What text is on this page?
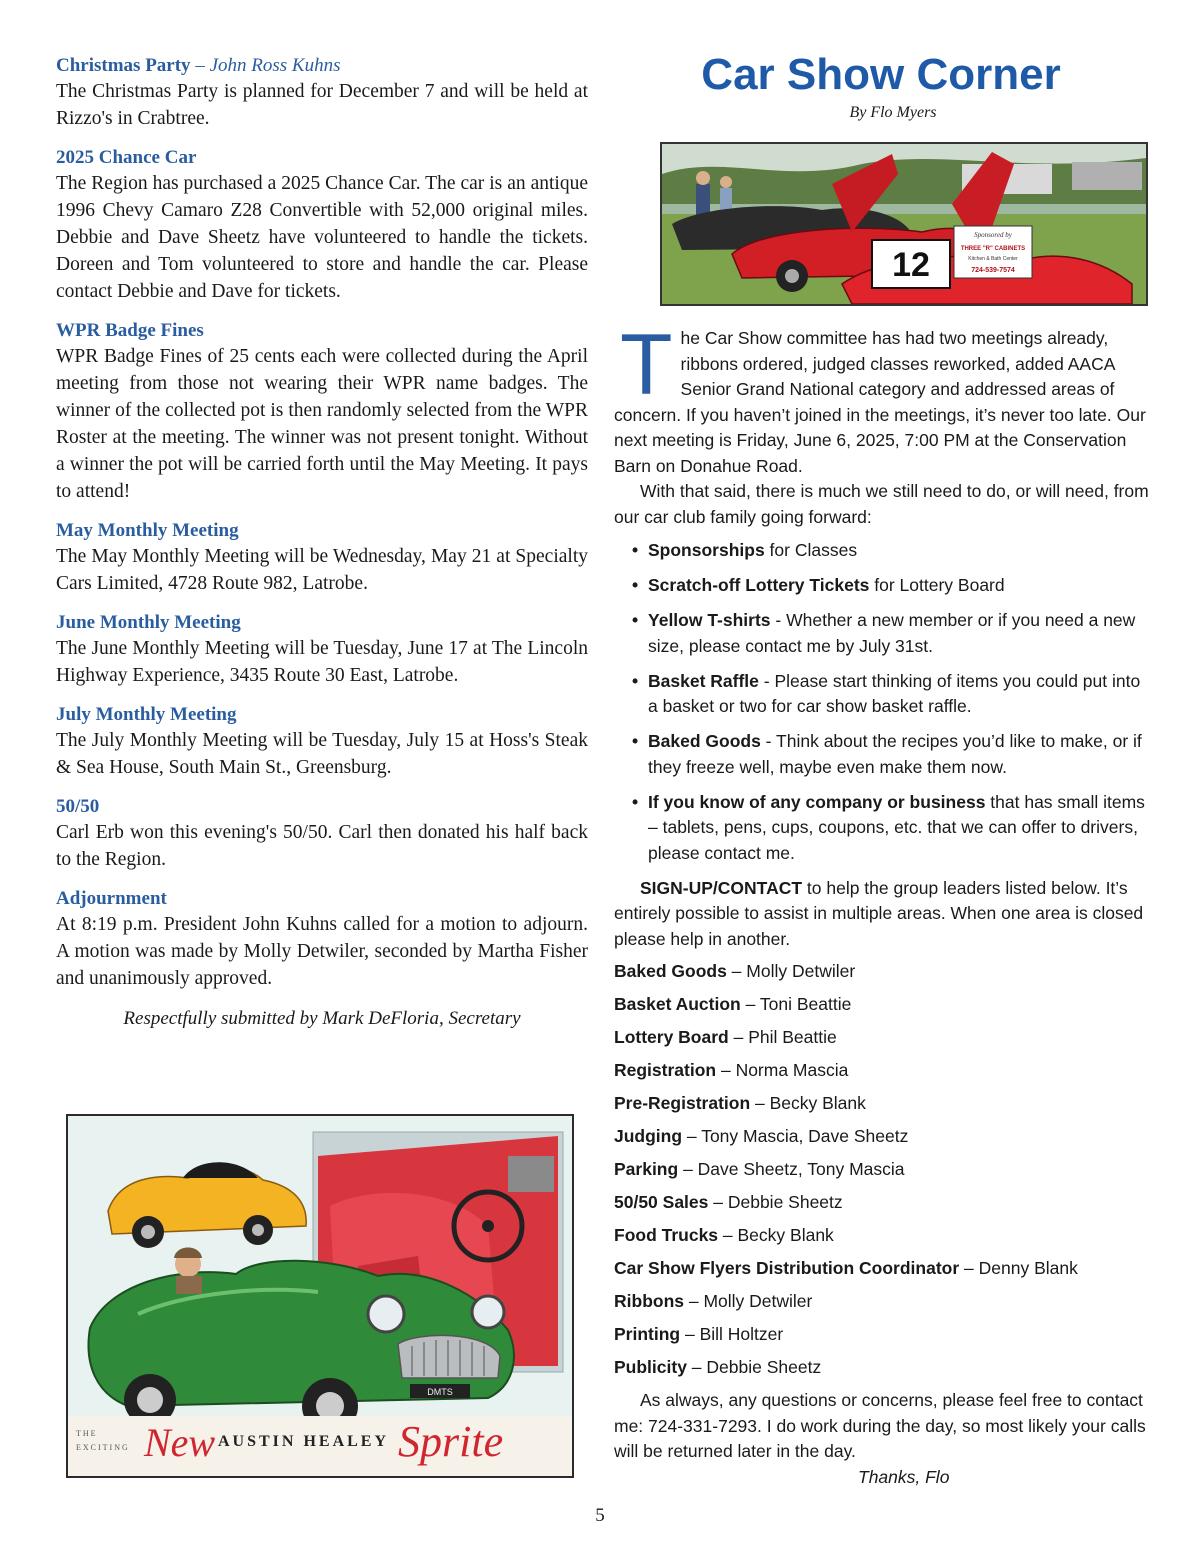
Christmas Party – John Ross Kuhns
The Christmas Party is planned for December 7 and will be held at Rizzo's in Crabtree.
2025 Chance Car
The Region has purchased a 2025 Chance Car. The car is an antique 1996 Chevy Camaro Z28 Convertible with 52,000 original miles. Debbie and Dave Sheetz have volunteered to handle the tickets. Doreen and Tom volunteered to store and handle the car. Please contact Debbie and Dave for tickets.
WPR Badge Fines
WPR Badge Fines of 25 cents each were collected during the April meeting from those not wearing their WPR name badges. The winner of the collected pot is then randomly selected from the WPR Roster at the meeting. The winner was not present tonight. Without a winner the pot will be carried forth until the May Meeting. It pays to attend!
May Monthly Meeting
The May Monthly Meeting will be Wednesday, May 21 at Specialty Cars Limited, 4728 Route 982, Latrobe.
June Monthly Meeting
The June Monthly Meeting will be Tuesday, June 17 at The Lincoln Highway Experience, 3435 Route 30 East, Latrobe.
July Monthly Meeting
The July Monthly Meeting will be Tuesday, July 15 at Hoss's Steak & Sea House, South Main St., Greensburg.
50/50
Carl Erb won this evening's 50/50. Carl then donated his half back to the Region.
Adjournment
At 8:19 p.m. President John Kuhns called for a motion to adjourn. A motion was made by Molly Detwiler, seconded by Martha Fisher and unanimously approved.
Respectfully submitted by Mark DeFloria, Secretary
DMTS
THE
EXCITING New AUSTIN HEALEY Sprite
Car Show Corner
By Flo Myers
12
Sponsored by
THREE "R" CABINETS
Kitchen & Bath Center
724-539-7574

The Car Show committee has had two meetings already, ribbons ordered, judged classes reworked, added AACA Senior Grand National category and addressed areas of concern. If you haven’t joined in the meetings, it’s never too late. Our next meeting is Friday, June 6, 2025, 7:00 PM at the Conservation Barn on Donahue Road.

With that said, there is much we still need to do, or will need, from our car club family going forward:

• Sponsorships for Classes
• Scratch-off Lottery Tickets for Lottery Board
• Yellow T-shirts - Whether a new member or if you need a new size, please contact me by July 31st.
• Basket Raffle - Please start thinking of items you could put into a basket or two for car show basket raffle.
• Baked Goods - Think about the recipes you’d like to make, or if they freeze well, maybe even make them now.
• If you know of any company or business that has small items – tablets, pens, cups, coupons, etc. that we can offer to drivers, please contact me.

SIGN-UP/CONTACT to help the group leaders listed below. It’s entirely possible to assist in multiple areas. When one area is closed please help in another.

Baked Goods – Molly Detwiler
Basket Auction – Toni Beattie
Lottery Board – Phil Beattie
Registration – Norma Mascia
Pre-Registration – Becky Blank
Judging – Tony Mascia, Dave Sheetz
Parking – Dave Sheetz, Tony Mascia
50/50 Sales – Debbie Sheetz
Food Trucks – Becky Blank
Car Show Flyers Distribution Coordinator – Denny Blank
Ribbons – Molly Detwiler
Printing – Bill Holtzer
Publicity – Debbie Sheetz

As always, any questions or concerns, please feel free to contact me: 724-331-7293. I do work during the day, so most likely your calls will be returned later in the day.

Thanks, Flo

5
